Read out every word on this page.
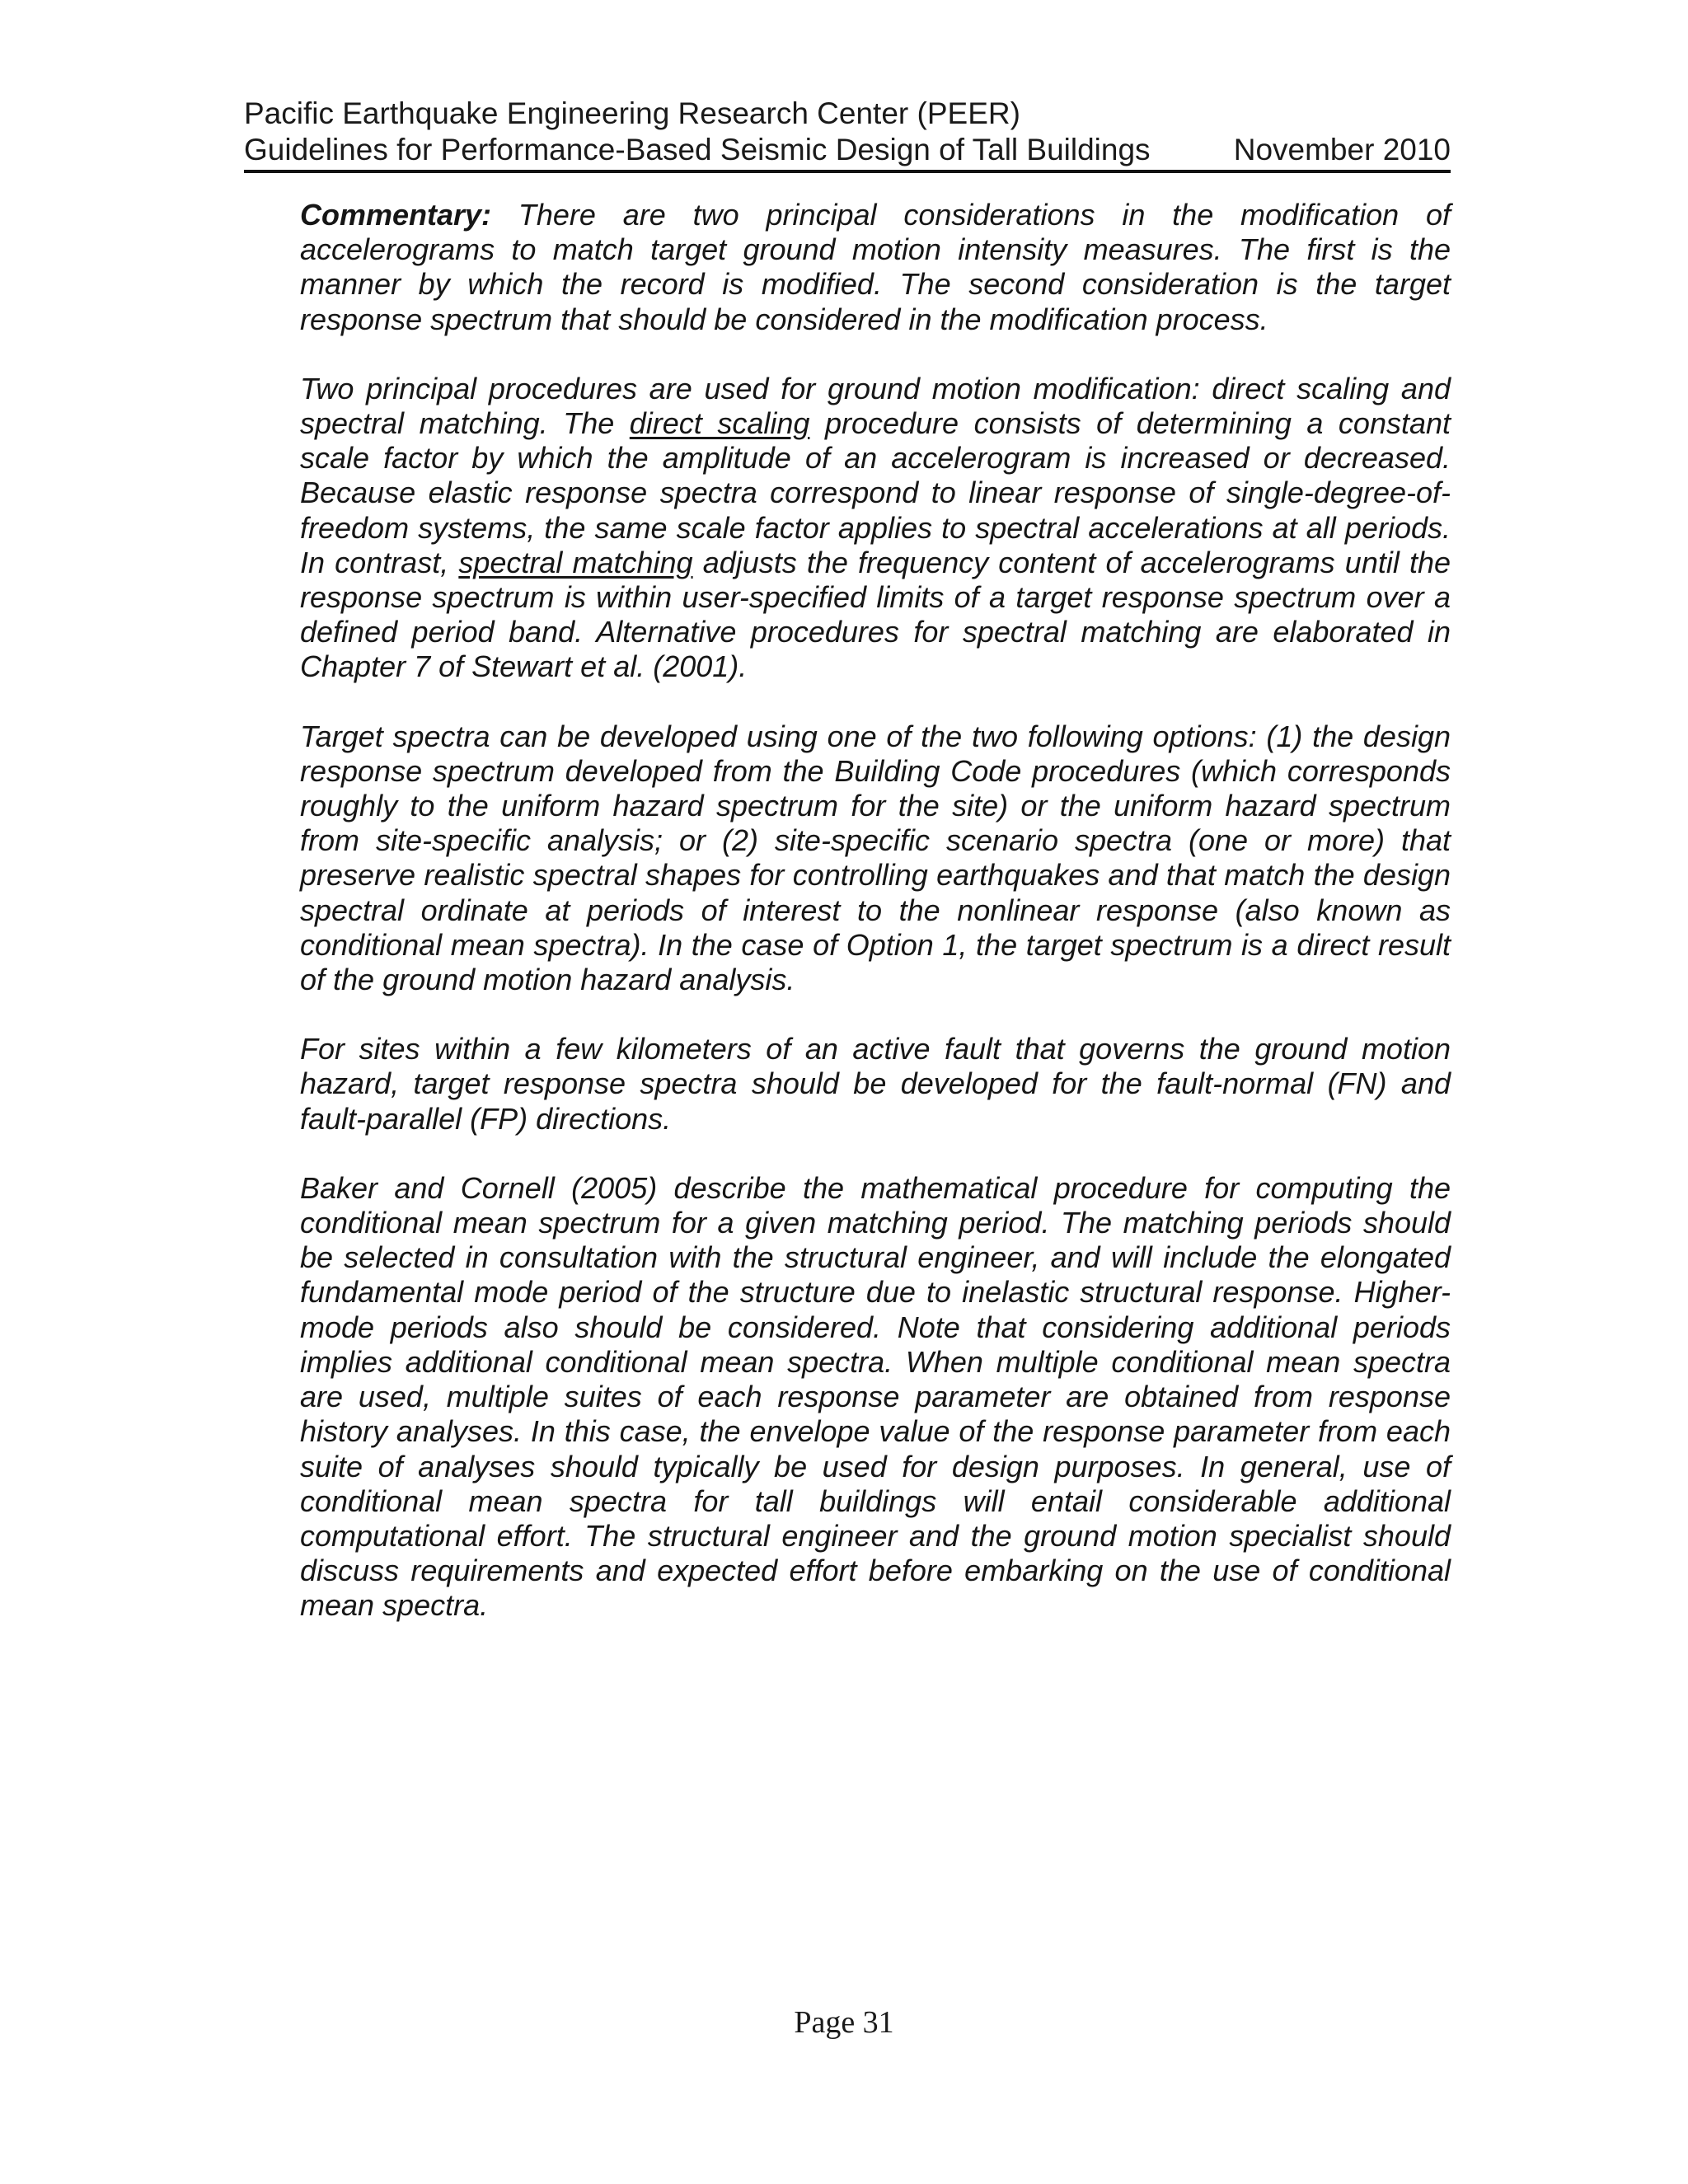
Pacific Earthquake Engineering Research Center (PEER)
Guidelines for Performance-Based Seismic Design of Tall Buildings	November 2010

Commentary: There are two principal considerations in the modification of accelerograms to match target ground motion intensity measures. The first is the manner by which the record is modified. The second consideration is the target response spectrum that should be considered in the modification process.

Two principal procedures are used for ground motion modification: direct scaling and spectral matching. The direct scaling procedure consists of determining a constant scale factor by which the amplitude of an accelerogram is increased or decreased. Because elastic response spectra correspond to linear response of single-degree-of-freedom systems, the same scale factor applies to spectral accelerations at all periods. In contrast, spectral matching adjusts the frequency content of accelerograms until the response spectrum is within user-specified limits of a target response spectrum over a defined period band. Alternative procedures for spectral matching are elaborated in Chapter 7 of Stewart et al. (2001).

Target spectra can be developed using one of the two following options: (1) the design response spectrum developed from the Building Code procedures (which corresponds roughly to the uniform hazard spectrum for the site) or the uniform hazard spectrum from site-specific analysis; or (2) site-specific scenario spectra (one or more) that preserve realistic spectral shapes for controlling earthquakes and that match the design spectral ordinate at periods of interest to the nonlinear response (also known as conditional mean spectra). In the case of Option 1, the target spectrum is a direct result of the ground motion hazard analysis.

For sites within a few kilometers of an active fault that governs the ground motion hazard, target response spectra should be developed for the fault-normal (FN) and fault-parallel (FP) directions.

Baker and Cornell (2005) describe the mathematical procedure for computing the conditional mean spectrum for a given matching period. The matching periods should be selected in consultation with the structural engineer, and will include the elongated fundamental mode period of the structure due to inelastic structural response. Higher-mode periods also should be considered. Note that considering additional periods implies additional conditional mean spectra. When multiple conditional mean spectra are used, multiple suites of each response parameter are obtained from response history analyses. In this case, the envelope value of the response parameter from each suite of analyses should typically be used for design purposes. In general, use of conditional mean spectra for tall buildings will entail considerable additional computational effort. The structural engineer and the ground motion specialist should discuss requirements and expected effort before embarking on the use of conditional mean spectra.

Page 31
